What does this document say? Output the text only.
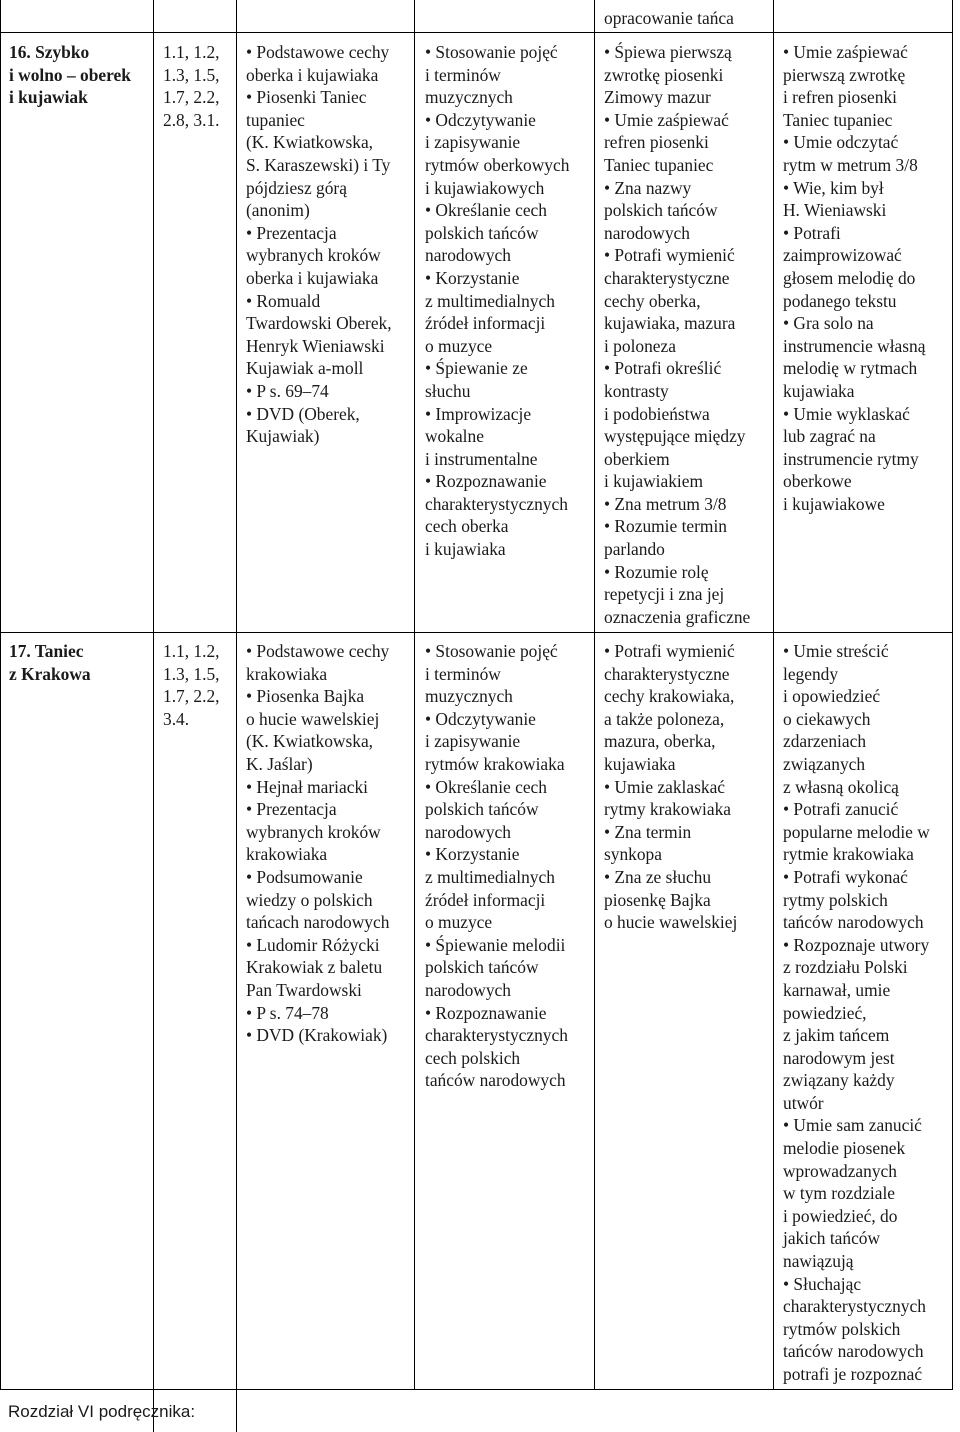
opracowanie tańca
16. Szybko
i wolno – oberek
i kujawiak
1.1, 1.2,
1.3, 1.5,
1.7, 2.2,
2.8, 3.1.
• Podstawowe cechy
oberka i kujawiaka
• Piosenki Taniec
tupaniec
(K. Kwiatkowska,
S. Karaszewski) i Ty
pójdziesz górą
(anonim)
• Prezentacja
wybranych kroków
oberka i kujawiaka
• Romuald
Twardowski Oberek,
Henryk Wieniawski
Kujawiak a-moll
• P s. 69–74
• DVD (Oberek,
Kujawiak)
• Stosowanie pojęć
i terminów
muzycznych
• Odczytywanie
i zapisywanie
rytmów oberkowych
i kujawiakowych
• Określanie cech
polskich tańców
narodowych
• Korzystanie
z multimedialnych
źródeł informacji
o muzyce
• Śpiewanie ze
słuchu
• Improwizacje
wokalne
i instrumentalne
• Rozpoznawanie
charakterystycznych
cech oberka
i kujawiaka
• Śpiewa pierwszą
zwrotkę piosenki
Zimowy mazur
• Umie zaśpiewać
refren piosenki
Taniec tupaniec
• Zna nazwy
polskich tańców
narodowych
• Potrafi wymienić
charakterystyczne
cechy oberka,
kujawiaka, mazura
i poloneza
• Potrafi określić
kontrasty
i podobieństwa
występujące między
oberkiem
i kujawiakiem
• Zna metrum 3/8
• Rozumie termin
parlando
• Rozumie rolę
repetycji i zna jej
oznaczenia graficzne
• Umie zaśpiewać
pierwszą zwrotkę
i refren piosenki
Taniec tupaniec
• Umie odczytać
rytm w metrum 3/8
• Wie, kim był
H. Wieniawski
• Potrafi
zaimprowizować
głosem melodię do
podanego tekstu
• Gra solo na
instrumencie własną
melodię w rytmach
kujawiaka
• Umie wyklaskać
lub zagrać na
instrumencie rytmy
oberkowe
i kujawiakowe
17. Taniec
z Krakowa
1.1, 1.2,
1.3, 1.5,
1.7, 2.2,
3.4.
• Podstawowe cechy
krakowiaka
• Piosenka Bajka
o hucie wawelskiej
(K. Kwiatkowska,
K. Jaślar)
• Hejnał mariacki
• Prezentacja
wybranych kroków
krakowiaka
• Podsumowanie
wiedzy o polskich
tańcach narodowych
• Ludomir Różycki
Krakowiak z baletu
Pan Twardowski
• P s. 74–78
• DVD (Krakowiak)
• Stosowanie pojęć
i terminów
muzycznych
• Odczytywanie
i zapisywanie
rytmów krakowiaka
• Określanie cech
polskich tańców
narodowych
• Korzystanie
z multimedialnych
źródeł informacji
o muzyce
• Śpiewanie melodii
polskich tańców
narodowych
• Rozpoznawanie
charakterystycznych
cech polskich
tańców narodowych
• Potrafi wymienić
charakterystyczne
cechy krakowiaka,
a także poloneza,
mazura, oberka,
kujawiaka
• Umie zaklaskać
rytmy krakowiaka
• Zna termin
synkopa
• Zna ze słuchu
piosenkę Bajka
o hucie wawelskiej
• Umie streścić
legendy
i opowiedzieć
o ciekawych
zdarzeniach
związanych
z własną okolicą
• Potrafi zanucić
popularne melodie w
rytmie krakowiaka
• Potrafi wykonać
rytmy polskich
tańców narodowych
• Rozpoznaje utwory
z rozdziału Polski
karnawał, umie
powiedzieć,
z jakim tańcem
narodowym jest
związany każdy
utwór
• Umie sam zanucić
melodie piosenek
wprowadzanych
w tym rozdziale
i powiedzieć, do
jakich tańców
nawiązują
• Słuchając
charakterystycznych
rytmów polskich
tańców narodowych
potrafi je rozpoznać
Rozdział VI podręcznika:
